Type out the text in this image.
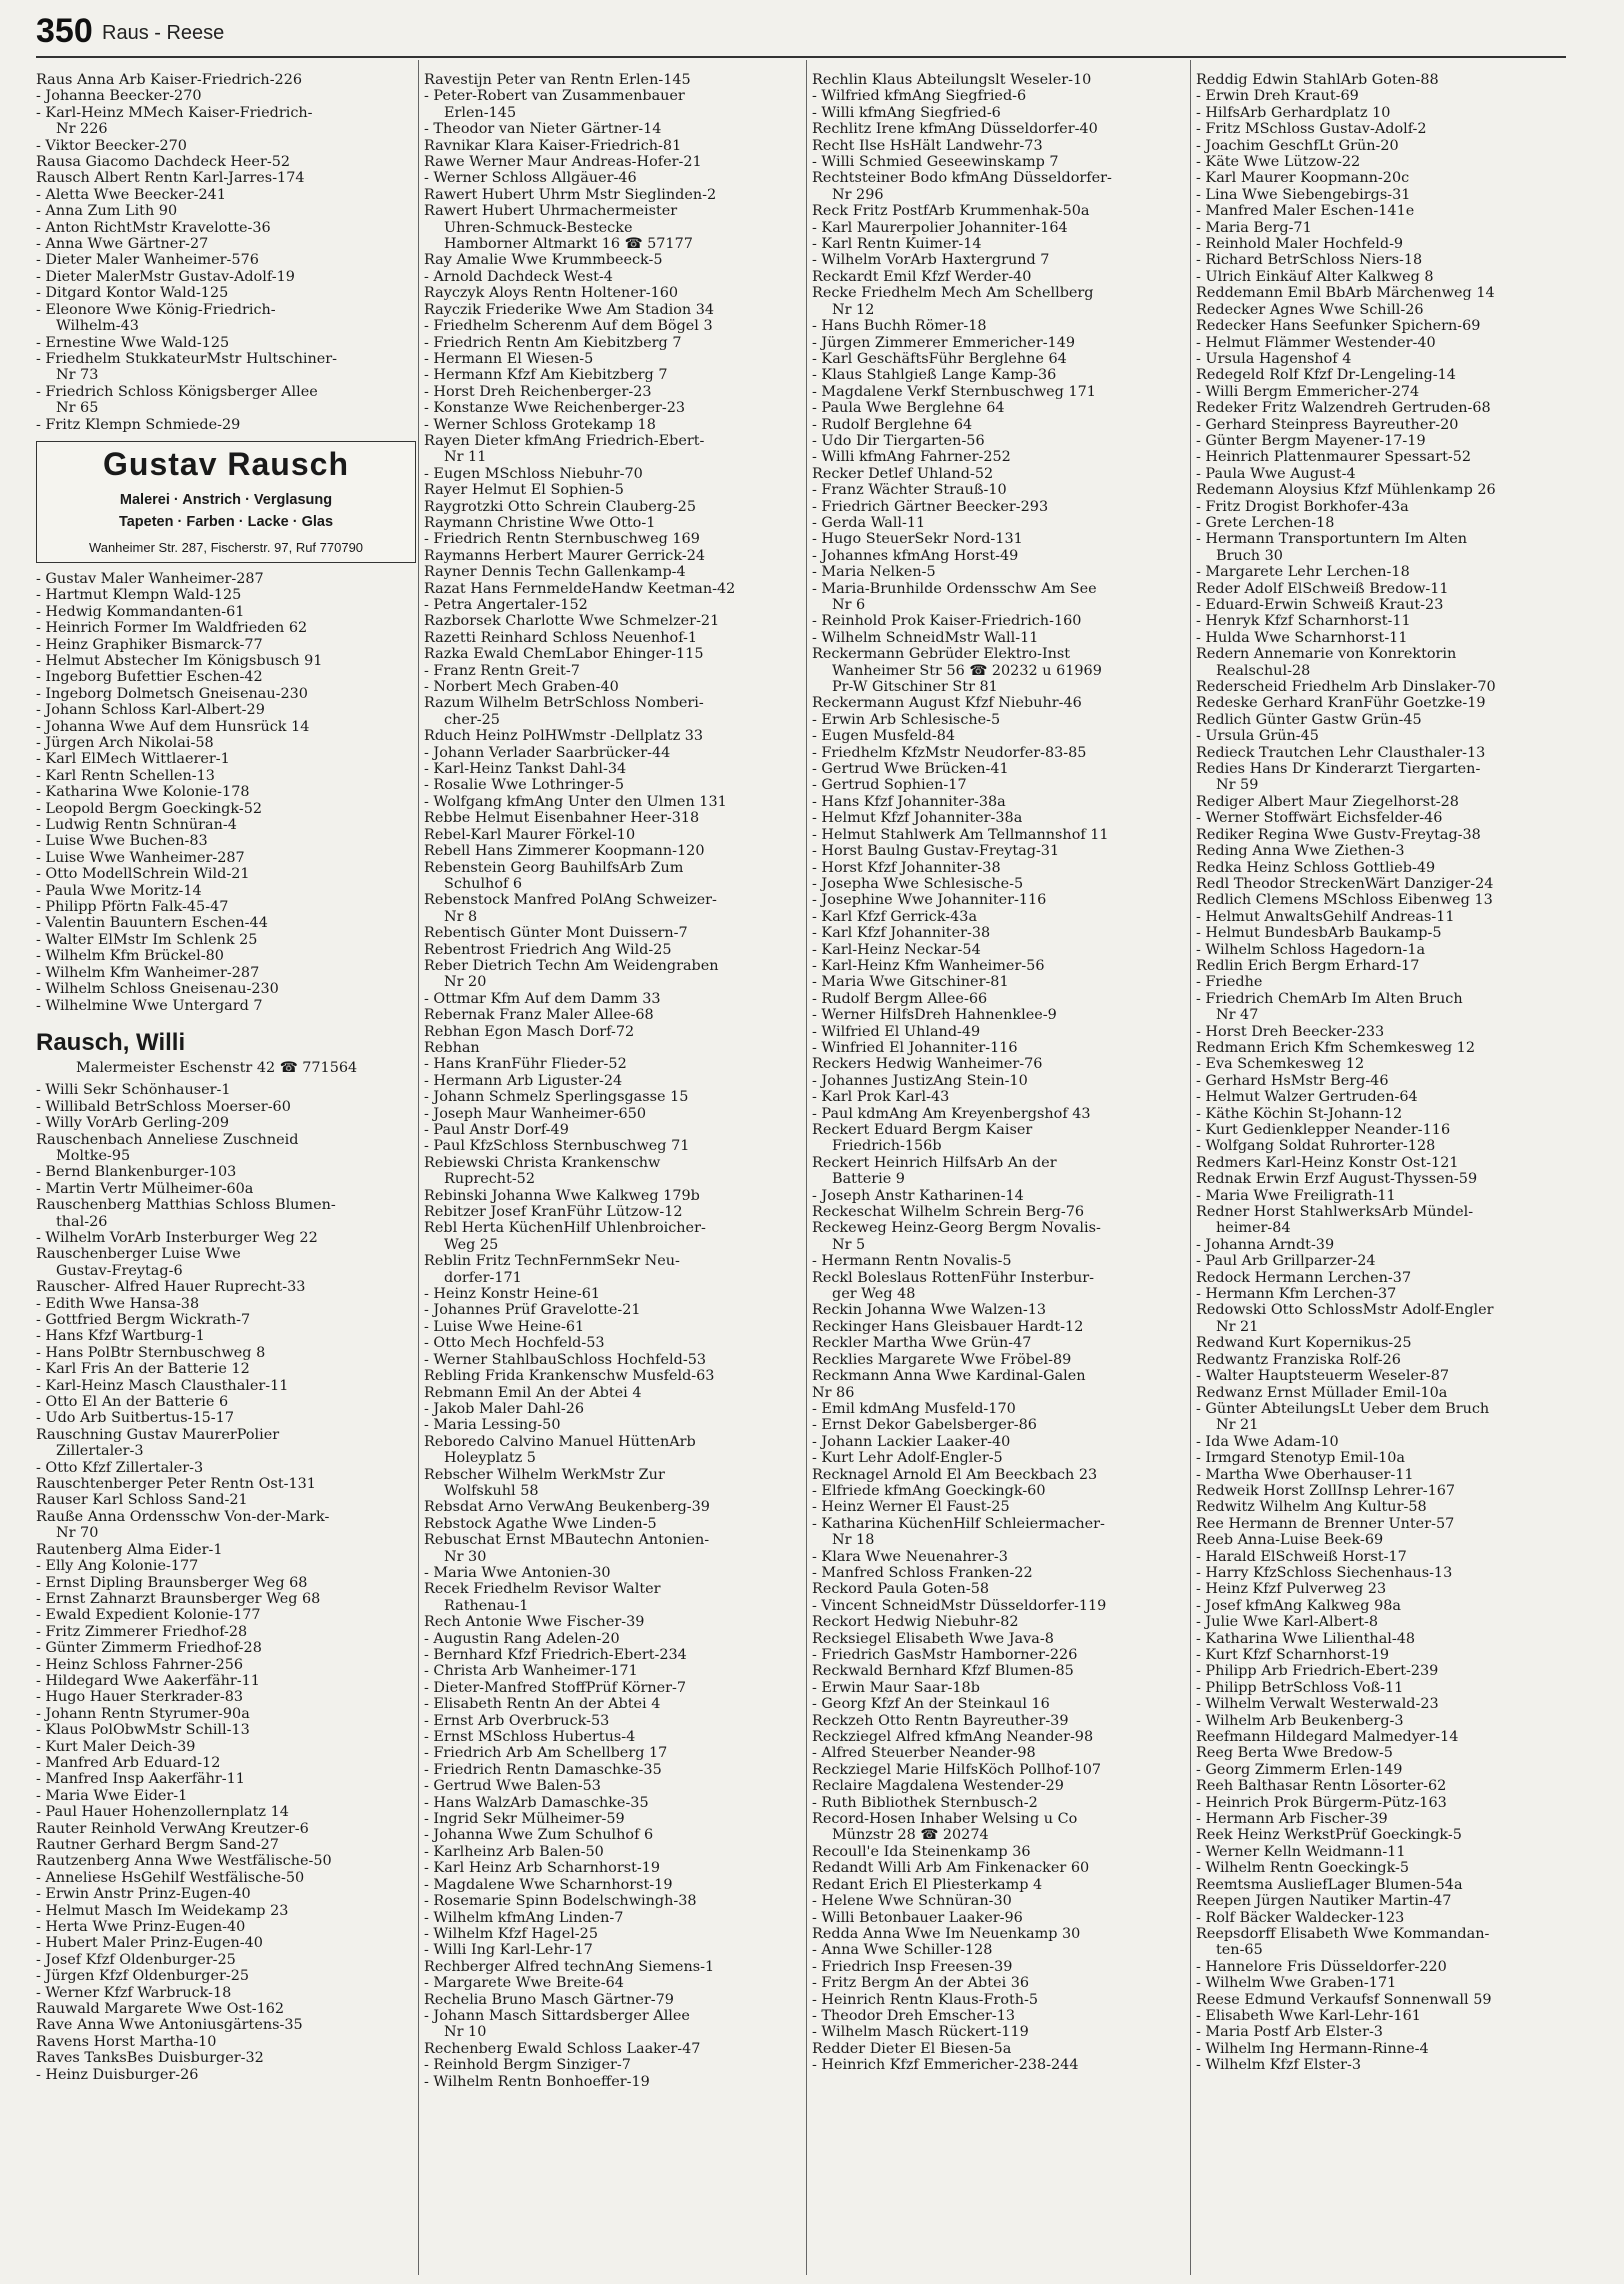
350 Raus - Reese
Raus Anna Arb Kaiser-Friedrich-226
- Johanna Beecker-270
- Karl-Heinz MMech Kaiser-Friedrich-
Nr 226
- Viktor Beecker-270
Rausa Giacomo Dachdeck Heer-52
Rausch Albert Rentn Karl-Jarres-174
- Aletta Wwe Beecker-241
- Anna Zum Lith 90
- Anton RichtMstr Kravelotte-36
- Anna Wwe Gärtner-27
- Dieter Maler Wanheimer-576
- Dieter MalerMstr Gustav-Adolf-19
- Ditgard Kontor Wald-125
- Eleonore Wwe König-Friedrich-
Wilhelm-43
- Ernestine Wwe Wald-125
- Friedhelm StukkateurMstr Hultschiner-
Nr 73
- Friedrich Schloss Königsberger Allee
Nr 65
- Fritz Klempn Schmiede-29
Gustav Rausch
Malerei · Anstrich · Verglasung
Tapeten · Farben · Lacke · Glas
Wanheimer Str. 287, Fischerstr. 97, Ruf 770790
- Gustav Maler Wanheimer-287
- Hartmut Klempn Wald-125
- Hedwig Kommandanten-61
- Heinrich Former Im Waldfrieden 62
- Heinz Graphiker Bismarck-77
- Helmut Abstecher Im Königsbusch 91
- Ingeborg Bufettier Eschen-42
- Ingeborg Dolmetsch Gneisenau-230
- Johann Schloss Karl-Albert-29
- Johanna Wwe Auf dem Hunsrück 14
- Jürgen Arch Nikolai-58
- Karl ElMech Wittlaerer-1
- Karl Rentn Schellen-13
- Katharina Wwe Kolonie-178
- Leopold Bergm Goeckingk-52
- Ludwig Rentn Schnüran-4
- Luise Wwe Buchen-83
- Luise Wwe Wanheimer-287
- Otto ModellSchrein Wild-21
- Paula Wwe Moritz-14
- Philipp Pförtn Falk-45-47
- Valentin Bauuntern Eschen-44
- Walter ElMstr Im Schlenk 25
- Wilhelm Kfm Brückel-80
- Wilhelm Kfm Wanheimer-287
- Wilhelm Schloss Gneisenau-230
- Wilhelmine Wwe Untergard 7
Rausch, Willi
Malermeister Eschenstr 42 ☎ 771564
- Willi Sekr Schönhauser-1
- Willibald BetrSchloss Moerser-60
- Willy VorArb Gerling-209
Rauschenbach Anneliese Zuschneid
Moltke-95
- Bernd Blankenburger-103
- Martin Vertr Mülheimer-60a
Rauschenberg Matthias Schloss Blumen-
thal-26
- Wilhelm VorArb Insterburger Weg 22
Rauschenberger Luise Wwe
Gustav-Freytag-6
Rauscher- Alfred Hauer Ruprecht-33
- Edith Wwe Hansa-38
- Gottfried Bergm Wickrath-7
- Hans Kfzf Wartburg-1
- Hans PolBtr Sternbuschweg 8
- Karl Fris An der Batterie 12
- Karl-Heinz Masch Clausthaler-11
- Otto El An der Batterie 6
- Udo Arb Suitbertus-15-17
Rauschning Gustav MaurerPolier
Zillertaler-3
- Otto Kfzf Zillertaler-3
Rauschtenberger Peter Rentn Ost-131
Rauser Karl Schloss Sand-21
Rauße Anna Ordensschw Von-der-Mark-
Nr 70
Rautenberg Alma Eider-1
- Elly Ang Kolonie-177
- Ernst Dipling Braunsberger Weg 68
- Ernst Zahnarzt Braunsberger Weg 68
- Ewald Expedient Kolonie-177
- Fritz Zimmerer Friedhof-28
- Günter Zimmerm Friedhof-28
- Heinz Schloss Fahrner-256
- Hildegard Wwe Aakerfähr-11
- Hugo Hauer Sterkrader-83
- Johann Rentn Styrumer-90a
- Klaus PolObwMstr Schill-13
- Kurt Maler Deich-39
- Manfred Arb Eduard-12
- Manfred Insp Aakerfähr-11
- Maria Wwe Eider-1
- Paul Hauer Hohenzollernplatz 14
Rauter Reinhold VerwAng Kreutzer-6
Rautner Gerhard Bergm Sand-27
Rautzenberg Anna Wwe Westfälische-50
- Anneliese HsGehilf Westfälische-50
- Erwin Anstr Prinz-Eugen-40
- Helmut Masch Im Weidekamp 23
- Herta Wwe Prinz-Eugen-40
- Hubert Maler Prinz-Eugen-40
- Josef Kfzf Oldenburger-25
- Jürgen Kfzf Oldenburger-25
- Werner Kfzf Warbruck-18
Rauwald Margarete Wwe Ost-162
Rave Anna Wwe Antoniusgärtens-35
Ravens Horst Martha-10
Raves TanksBes Duisburger-32
- Heinz Duisburger-26
Ravestijn Peter van Rentn Erlen-145
- Peter-Robert van Zusammenbauer
Erlen-145
- Theodor van Nieter Gärtner-14
Ravnikar Klara Kaiser-Friedrich-81
Rawe Werner Maur Andreas-Hofer-21
- Werner Schloss Allgäuer-46
Rawert Hubert Uhrm Mstr Sieglinden-2
Rawert Hubert Uhrmachermeister
Uhren-Schmuck-Bestecke
Hamborner Altmarkt 16 ☎ 57177
Ray Amalie Wwe Krummbeeck-5
- Arnold Dachdeck West-4
Rayczyk Aloys Rentn Holtener-160
Rayczik Friederike Wwe Am Stadion 34
- Friedhelm Scherenm Auf dem Bögel 3
- Friedrich Rentn Am Kiebitzberg 7
- Hermann El Wiesen-5
- Hermann Kfzf Am Kiebitzberg 7
- Horst Dreh Reichenberger-23
- Konstanze Wwe Reichenberger-23
- Werner Schloss Grotekamp 18
Rayen Dieter kfmAng Friedrich-Ebert-
Nr 11
- Eugen MSchloss Niebuhr-70
Rayer Helmut El Sophien-5
Raygrotzki Otto Schrein Clauberg-25
Raymann Christine Wwe Otto-1
- Friedrich Rentn Sternbuschweg 169
Raymanns Herbert Maurer Gerrick-24
Rayner Dennis Techn Gallenkamp-4
Razat Hans FernmeldeHandw Keetman-42
- Petra Angertaler-152
Razborsek Charlotte Wwe Schmelzer-21
Razetti Reinhard Schloss Neuenhof-1
Razka Ewald ChemLabor Ehinger-115
- Franz Rentn Greit-7
- Norbert Mech Graben-40
Razum Wilhelm BetrSchloss Nomberi-
cher-25
Rduch Heinz PolHWmstr -Dellplatz 33
- Johann Verlader Saarbrücker-44
- Karl-Heinz Tankst Dahl-34
- Rosalie Wwe Lothringer-5
- Wolfgang kfmAng Unter den Ulmen 131
Rebbe Helmut Eisenbahner Heer-318
Rebel-Karl Maurer Förkel-10
Rebell Hans Zimmerer Koopmann-120
Rebenstein Georg BauhilfsArb Zum
Schulhof 6
Rebenstock Manfred PolAng Schweizer-
Nr 8
Rebentisch Günter Mont Duissern-7
Rebentrost Friedrich Ang Wild-25
Reber Dietrich Techn Am Weidengraben
Nr 20
- Ottmar Kfm Auf dem Damm 33
Rebernak Franz Maler Allee-68
Rebhan Egon Masch Dorf-72
Rebhan
- Hans KranFühr Flieder-52
- Hermann Arb Liguster-24
- Johann Schmelz Sperlingsgasse 15
- Joseph Maur Wanheimer-650
- Paul Anstr Dorf-49
- Paul KfzSchloss Sternbuschweg 71
Rebiewski Christa Krankenschw
Ruprecht-52
Rebinski Johanna Wwe Kalkweg 179b
Rebitzer Josef KranFühr Lützow-12
Rebl Herta KüchenHilf Uhlenbroicher-
Weg 25
Reblin Fritz TechnFernmSekr Neu-
dorfer-171
- Heinz Konstr Heine-61
- Johannes Prüf Gravelotte-21
- Luise Wwe Heine-61
- Otto Mech Hochfeld-53
- Werner StahlbauSchloss Hochfeld-53
Rebling Frida Krankenschw Musfeld-63
Rebmann Emil An der Abtei 4
- Jakob Maler Dahl-26
- Maria Lessing-50
Reboredo Calvino Manuel HüttenArb
Holeyplatz 5
Rebscher Wilhelm WerkMstr Zur
Wolfskuhl 58
Rebsdat Arno VerwAng Beukenberg-39
Rebstock Agathe Wwe Linden-5
Rebuschat Ernst MBautechn Antonien-
Nr 30
- Maria Wwe Antonien-30
Recek Friedhelm Revisor Walter
Rathenau-1
Rech Antonie Wwe Fischer-39
- Augustin Rang Adelen-20
- Bernhard Kfzf Friedrich-Ebert-234
- Christa Arb Wanheimer-171
- Dieter-Manfred StoffPrüf Körner-7
- Elisabeth Rentn An der Abtei 4
- Ernst Arb Overbruck-53
- Ernst MSchloss Hubertus-4
- Friedrich Arb Am Schellberg 17
- Friedrich Rentn Damaschke-35
- Gertrud Wwe Balen-53
- Hans WalzArb Damaschke-35
- Ingrid Sekr Mülheimer-59
- Johanna Wwe Zum Schulhof 6
- Karlheinz Arb Balen-50
- Karl Heinz Arb Scharnhorst-19
- Magdalene Wwe Scharnhorst-19
- Rosemarie Spinn Bodelschwingh-38
- Wilhelm kfmAng Linden-7
- Wilhelm Kfzf Hagel-25
- Willi Ing Karl-Lehr-17
Rechberger Alfred technAng Siemens-1
- Margarete Wwe Breite-64
Rechelia Bruno Masch Gärtner-79
- Johann Masch Sittardsberger Allee
Nr 10
Rechenberg Ewald Schloss Laaker-47
- Reinhold Bergm Sinziger-7
- Wilhelm Rentn Bonhoeffer-19
Rechlin Klaus Abteilungslt Weseler-10
- Wilfried kfmAng Siegfried-6
- Willi kfmAng Siegfried-6
Rechlitz Irene kfmAng Düsseldorfer-40
Recht Ilse HsHält Landwehr-73
- Willi Schmied Geseewinskamp 7
Rechtsteiner Bodo kfmAng Düsseldorfer-
Nr 296
Reck Fritz PostfArb Krummenhak-50a
- Karl Maurerpolier Johanniter-164
- Karl Rentn Kuimer-14
- Wilhelm VorArb Haxtergrund 7
Reckardt Emil Kfzf Werder-40
Recke Friedhelm Mech Am Schellberg
Nr 12
- Hans Buchh Römer-18
- Jürgen Zimmerer Emmericher-149
- Karl GeschäftsFühr Berglehne 64
- Klaus Stahlgieß Lange Kamp-36
- Magdalene Verkf Sternbuschweg 171
- Paula Wwe Berglehne 64
- Rudolf Berglehne 64
- Udo Dir Tiergarten-56
- Willi kfmAng Fahrner-252
Recker Detlef Uhland-52
- Franz Wächter Strauß-10
- Friedrich Gärtner Beecker-293
- Gerda Wall-11
- Hugo SteuerSekr Nord-131
- Johannes kfmAng Horst-49
- Maria Nelken-5
- Maria-Brunhilde Ordensschw Am See
Nr 6
- Reinhold Prok Kaiser-Friedrich-160
- Wilhelm SchneidMstr Wall-11
Reckermann Gebrüder Elektro-Inst
Wanheimer Str 56 ☎ 20232 u 61969
Pr-W Gitschiner Str 81
Reckermann August Kfzf Niebuhr-46
- Erwin Arb Schlesische-5
- Eugen Musfeld-84
- Friedhelm KfzMstr Neudorfer-83-85
- Gertrud Wwe Brücken-41
- Gertrud Sophien-17
- Hans Kfzf Johanniter-38a
- Helmut Kfzf Johanniter-38a
- Helmut Stahlwerk Am Tellmannshof 11
- Horst Baulng Gustav-Freytag-31
- Horst Kfzf Johanniter-38
- Josepha Wwe Schlesische-5
- Josephine Wwe Johanniter-116
- Karl Kfzf Gerrick-43a
- Karl Kfzf Johanniter-38
- Karl-Heinz Neckar-54
- Karl-Heinz Kfm Wanheimer-56
- Maria Wwe Gitschiner-81
- Rudolf Bergm Allee-66
- Werner HilfsDreh Hahnenklee-9
- Wilfried El Uhland-49
- Winfried El Johanniter-116
Reckers Hedwig Wanheimer-76
- Johannes JustizAng Stein-10
- Karl Prok Karl-43
- Paul kdmAng Am Kreyenbergshof 43
Reckert Eduard Bergm Kaiser
Friedrich-156b
Reckert Heinrich HilfsArb An der
Batterie 9
- Joseph Anstr Katharinen-14
Reckeschat Wilhelm Schrein Berg-76
Reckeweg Heinz-Georg Bergm Novalis-
Nr 5
- Hermann Rentn Novalis-5
Reckl Boleslaus RottenFühr Insterbur-
ger Weg 48
Reckin Johanna Wwe Walzen-13
Reckinger Hans Gleisbauer Hardt-12
Reckler Martha Wwe Grün-47
Recklies Margarete Wwe Fröbel-89
Reckmann Anna Wwe Kardinal-Galen
Nr 86
- Emil kdmAng Musfeld-170
- Ernst Dekor Gabelsberger-86
- Johann Lackier Laaker-40
- Kurt Lehr Adolf-Engler-5
Recknagel Arnold El Am Beeckbach 23
- Elfriede kfmAng Goeckingk-60
- Heinz Werner El Faust-25
- Katharina KüchenHilf Schleiermacher-
Nr 18
- Klara Wwe Neuenahrer-3
- Manfred Schloss Franken-22
Reckord Paula Goten-58
- Vincent SchneidMstr Düsseldorfer-119
Reckort Hedwig Niebuhr-82
Recksiegel Elisabeth Wwe Java-8
- Friedrich GasMstr Hamborner-226
Reckwald Bernhard Kfzf Blumen-85
- Erwin Maur Saar-18b
- Georg Kfzf An der Steinkaul 16
Reckzeh Otto Rentn Bayreuther-39
Reckziegel Alfred kfmAng Neander-98
- Alfred Steuerber Neander-98
Reckziegel Marie HilfsKöch Pollhof-107
Reclaire Magdalena Westender-29
- Ruth Bibliothek Sternbusch-2
Record-Hosen Inhaber Welsing u Co
Münzstr 28 ☎ 20274
Recoull'e Ida Steinenkamp 36
Redandt Willi Arb Am Finkenacker 60
Redant Erich El Pliesterkamp 4
- Helene Wwe Schnüran-30
- Willi Betonbauer Laaker-96
Redda Anna Wwe Im Neuenkamp 30
- Anna Wwe Schiller-128
- Friedrich Insp Freesen-39
- Fritz Bergm An der Abtei 36
- Heinrich Rentn Klaus-Froth-5
- Theodor Dreh Emscher-13
- Wilhelm Masch Rückert-119
Redder Dieter El Biesen-5a
- Heinrich Kfzf Emmericher-238-244
Reddig Edwin StahlArb Goten-88
- Erwin Dreh Kraut-69
- HilfsArb Gerhardplatz 10
- Fritz MSchloss Gustav-Adolf-2
- Joachim GeschfLt Grün-20
- Käte Wwe Lützow-22
- Karl Maurer Koopmann-20c
- Lina Wwe Siebengebirgs-31
- Manfred Maler Eschen-141e
- Maria Berg-71
- Reinhold Maler Hochfeld-9
- Richard BetrSchloss Niers-18
- Ulrich Einkäuf Alter Kalkweg 8
Reddemann Emil BbArb Märchenweg 14
Redecker Agnes Wwe Schill-26
Redecker Hans Seefunker Spichern-69
- Helmut Flämmer Westender-40
- Ursula Hagenshof 4
Redegeld Rolf Kfzf Dr-Lengeling-14
- Willi Bergm Emmericher-274
Redeker Fritz Walzendreh Gertruden-68
- Gerhard Steinpress Bayreuther-20
- Günter Bergm Mayener-17-19
- Heinrich Plattenmaurer Spessart-52
- Paula Wwe August-4
Redemann Aloysius Kfzf Mühlenkamp 26
- Fritz Drogist Borkhofer-43a
- Grete Lerchen-18
- Hermann Transportuntern Im Alten
Bruch 30
- Margarete Lehr Lerchen-18
Reder Adolf ElSchweiß Bredow-11
- Eduard-Erwin Schweiß Kraut-23
- Henryk Kfzf Scharnhorst-11
- Hulda Wwe Scharnhorst-11
Redern Annemarie von Konrektorin
Realschul-28
Rederscheid Friedhelm Arb Dinslaker-70
Redeske Gerhard KranFühr Goetzke-19
Redlich Günter Gastw Grün-45
- Ursula Grün-45
Redieck Trautchen Lehr Clausthaler-13
Redies Hans Dr Kinderarzt Tiergarten-
Nr 59
Rediger Albert Maur Ziegelhorst-28
- Werner Stoffwärt Eichsfelder-46
Rediker Regina Wwe Gustv-Freytag-38
Reding Anna Wwe Ziethen-3
Redka Heinz Schloss Gottlieb-49
Redl Theodor StreckenWärt Danziger-24
Redlich Clemens MSchloss Eibenweg 13
- Helmut AnwaltsGehilf Andreas-11
- Helmut BundesbArb Baukamp-5
- Wilhelm Schloss Hagedorn-1a
Redlin Erich Bergm Erhard-17
- Friedhe
- Friedrich ChemArb Im Alten Bruch
Nr 47
- Horst Dreh Beecker-233
Redmann Erich Kfm Schemkesweg 12
- Eva Schemkesweg 12
- Gerhard HsMstr Berg-46
- Helmut Walzer Gertruden-64
- Käthe Köchin St-Johann-12
- Kurt Gedienklepper Neander-116
- Wolfgang Soldat Ruhrorter-128
Redmers Karl-Heinz Konstr Ost-121
Rednak Erwin Erzf August-Thyssen-59
- Maria Wwe Freiligrath-11
Redner Horst StahlwerksArb Mündel-
heimer-84
- Johanna Arndt-39
- Paul Arb Grillparzer-24
Redock Hermann Lerchen-37
- Hermann Kfm Lerchen-37
Redowski Otto SchlossMstr Adolf-Engler
Nr 21
Redwand Kurt Kopernikus-25
Redwantz Franziska Rolf-26
- Walter Hauptsteuerm Weseler-87
Redwanz Ernst Müllader Emil-10a
- Günter AbteilungsLt Ueber dem Bruch
Nr 21
- Ida Wwe Adam-10
- Irmgard Stenotyp Emil-10a
- Martha Wwe Oberhauser-11
Redweik Horst ZollInsp Lehrer-167
Redwitz Wilhelm Ang Kultur-58
Ree Hermann de Brenner Unter-57
Reeb Anna-Luise Beek-69
- Harald ElSchweiß Horst-17
- Harry KfzSchloss Siechenhaus-13
- Heinz Kfzf Pulverweg 23
- Josef kfmAng Kalkweg 98a
- Julie Wwe Karl-Albert-8
- Katharina Wwe Lilienthal-48
- Kurt Kfzf Scharnhorst-19
- Philipp Arb Friedrich-Ebert-239
- Philipp BetrSchloss Voß-11
- Wilhelm Verwalt Westerwald-23
- Wilhelm Arb Beukenberg-3
Reefmann Hildegard Malmedyer-14
Reeg Berta Wwe Bredow-5
- Georg Zimmerm Erlen-149
Reeh Balthasar Rentn Lösorter-62
- Heinrich Prok Bürgerm-Pütz-163
- Hermann Arb Fischer-39
Reek Heinz WerkstPrüf Goeckingk-5
- Werner Kelln Weidmann-11
- Wilhelm Rentn Goeckingk-5
Reemtsma AusliefLager Blumen-54a
Reepen Jürgen Nautiker Martin-47
- Rolf Bäcker Waldecker-123
Reepsdorff Elisabeth Wwe Kommandan-
ten-65
- Hannelore Fris Düsseldorfer-220
- Wilhelm Wwe Graben-171
Reese Edmund Verkaufsf Sonnenwall 59
- Elisabeth Wwe Karl-Lehr-161
- Maria Postf Arb Elster-3
- Wilhelm Ing Hermann-Rinne-4
- Wilhelm Kfzf Elster-3
